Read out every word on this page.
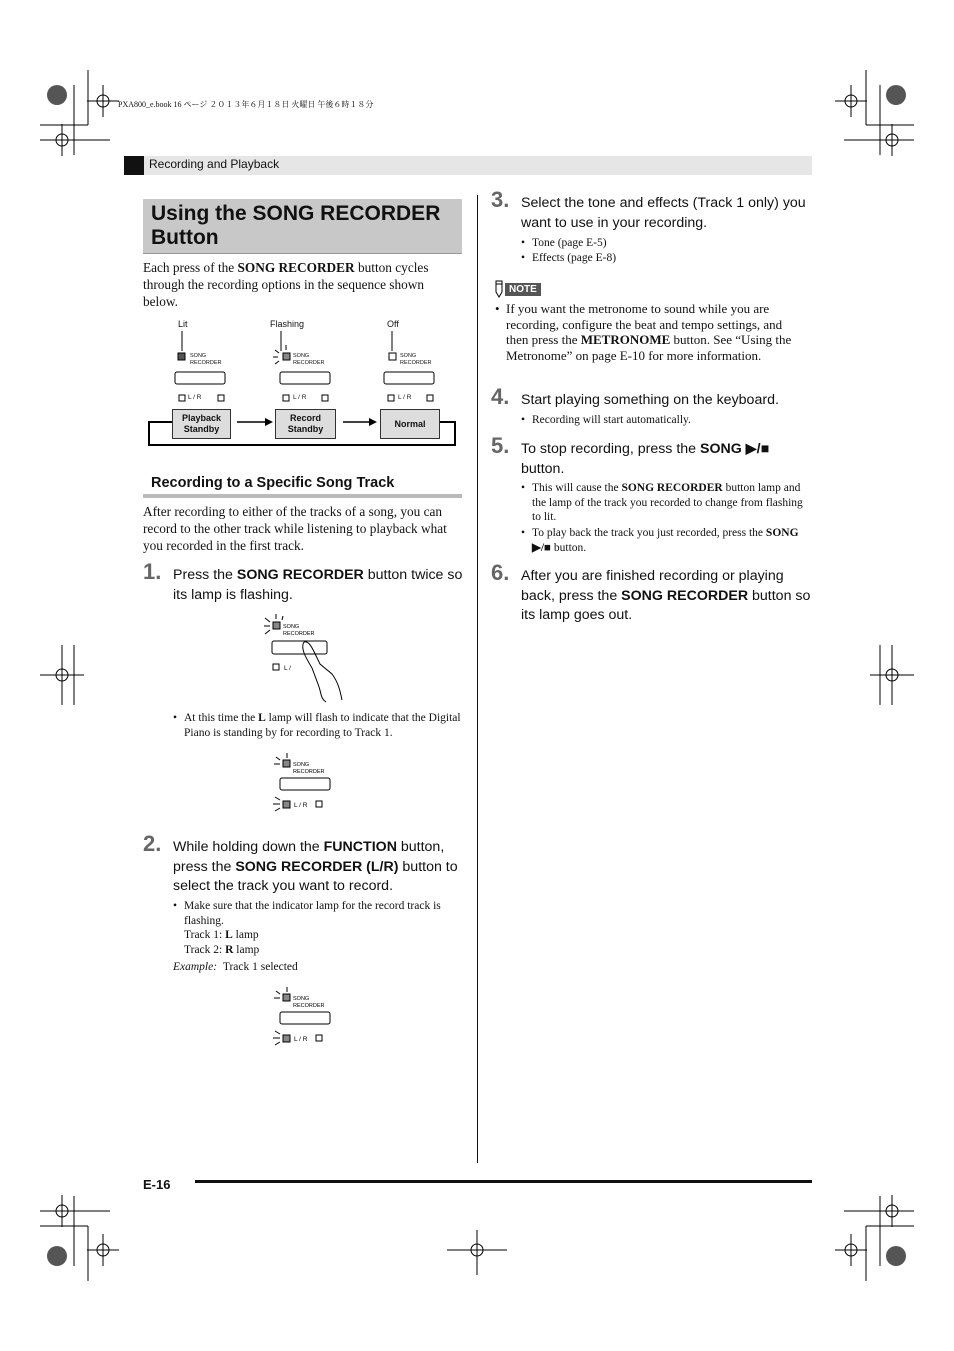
PXA800_e.book 16 ページ ２０１３年６月１８日 火曜日 午後６時１８分
Recording and Playback
Using the SONG RECORDER Button
Each press of the SONG RECORDER button cycles through the recording options in the sequence shown below.
Lit	Flashing	Off
SONG
RECORDER
SONG
RECORDER
SONG
RECORDER
L / R	L / R	L / R
Playback
Standby
Record
Standby
Normal
Recording to a Specific Song Track
After recording to either of the tracks of a song, you can record to the other track while listening to playback what you recorded in the first track.
1. Press the SONG RECORDER button twice so its lamp is flashing.
SONG
RECORDER
L /
• At this time the L lamp will flash to indicate that the Digital Piano is standing by for recording to Track 1.
SONG
RECORDER
L / R
2. While holding down the FUNCTION button, press the SONG RECORDER (L/R) button to select the track you want to record.
• Make sure that the indicator lamp for the record track is flashing.
Track 1: L lamp
Track 2: R lamp
Example: Track 1 selected
SONG
RECORDER
L / R
3. Select the tone and effects (Track 1 only) you want to use in your recording.
• Tone (page E-5)
• Effects (page E-8)
NOTE
• If you want the metronome to sound while you are recording, configure the beat and tempo settings, and then press the METRONOME button. See “Using the Metronome” on page E-10 for more information.
4. Start playing something on the keyboard.
• Recording will start automatically.
5. To stop recording, press the SONG ▶/■ button.
• This will cause the SONG RECORDER button lamp and the lamp of the track you recorded to change from flashing to lit.
• To play back the track you just recorded, press the SONG ▶/■ button.
6. After you are finished recording or playing back, press the SONG RECORDER button so its lamp goes out.
E-16
